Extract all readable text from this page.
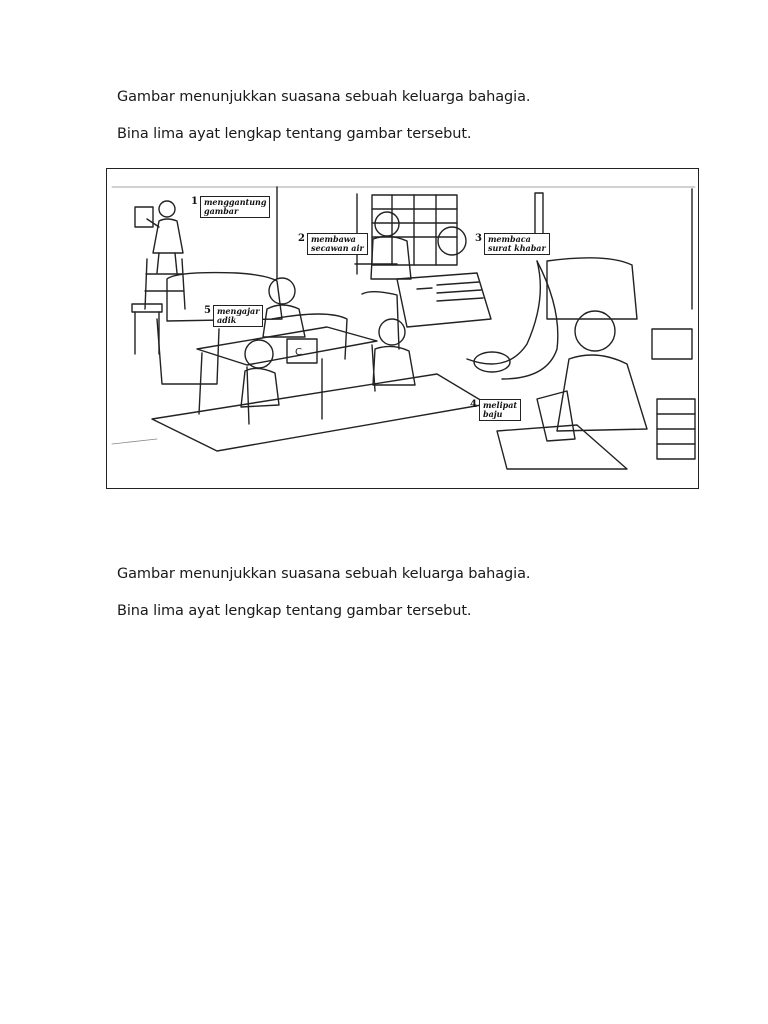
Gambar menunjukkan suasana sebuah keluarga bahagia.
Bina lima ayat lengkap tentang gambar tersebut.
C
1 menggantung
gambar
2 membawa
secawan air
3 membaca
surat khabar
4 melipat
baju
5 mengajar
adik
Gambar menunjukkan suasana sebuah keluarga bahagia.
Bina lima ayat lengkap tentang gambar tersebut.
